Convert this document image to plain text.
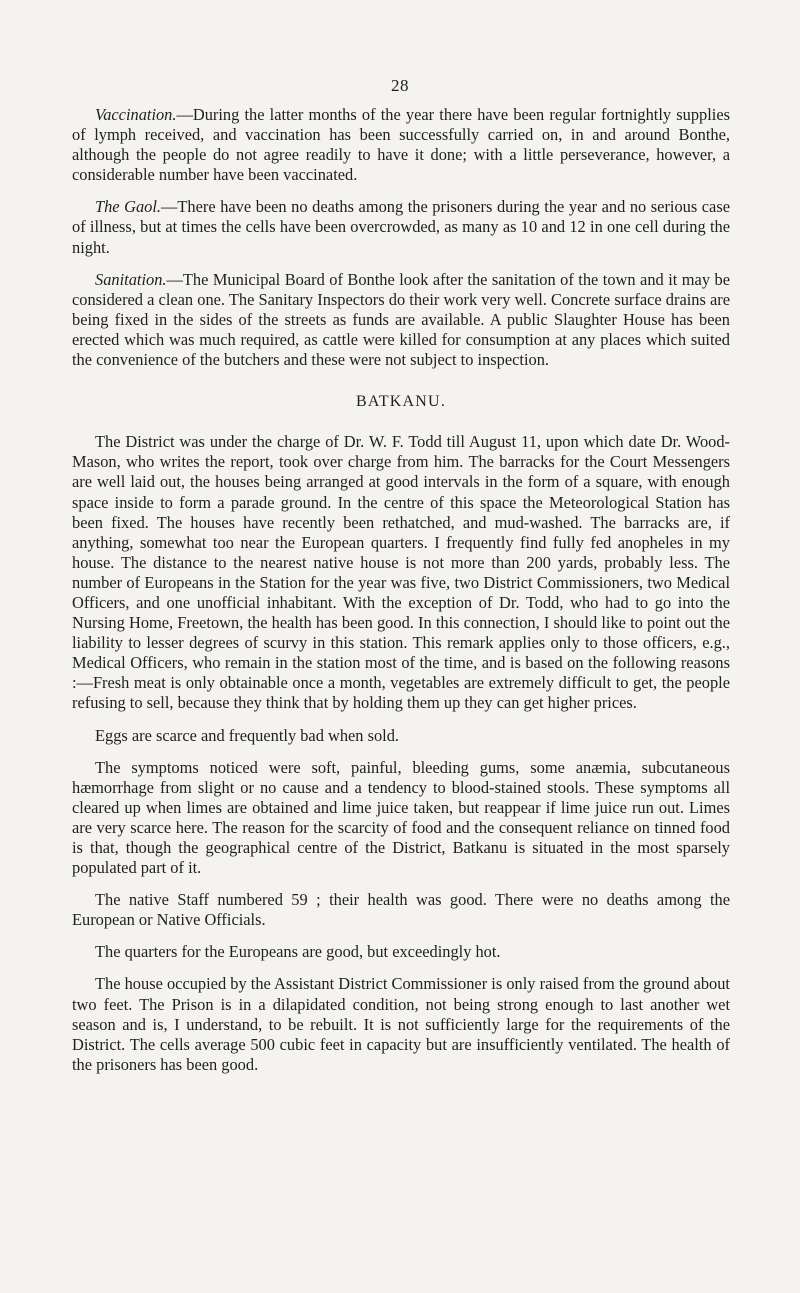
28

Vaccination.—During the latter months of the year there have been regular fortnightly supplies of lymph received, and vaccination has been successfully carried on, in and around Bonthe, although the people do not agree readily to have it done; with a little perseverance, however, a considerable number have been vaccinated.

The Gaol.—There have been no deaths among the prisoners during the year and no serious case of illness, but at times the cells have been overcrowded, as many as 10 and 12 in one cell during the night.

Sanitation.—The Municipal Board of Bonthe look after the sanitation of the town and it may be considered a clean one. The Sanitary Inspectors do their work very well. Concrete surface drains are being fixed in the sides of the streets as funds are available. A public Slaughter House has been erected which was much required, as cattle were killed for consumption at any places which suited the convenience of the butchers and these were not subject to inspection.

BATKANU.

The District was under the charge of Dr. W. F. Todd till August 11, upon which date Dr. Wood-Mason, who writes the report, took over charge from him. The barracks for the Court Messengers are well laid out, the houses being arranged at good intervals in the form of a square, with enough space inside to form a parade ground. In the centre of this space the Meteorological Station has been fixed. The houses have recently been rethatched, and mud-washed. The barracks are, if anything, somewhat too near the European quarters. I frequently find fully fed anopheles in my house. The distance to the nearest native house is not more than 200 yards, probably less. The number of Europeans in the Station for the year was five, two District Commissioners, two Medical Officers, and one unofficial inhabitant. With the exception of Dr. Todd, who had to go into the Nursing Home, Freetown, the health has been good. In this connection, I should like to point out the liability to lesser degrees of scurvy in this station. This remark applies only to those officers, e.g., Medical Officers, who remain in the station most of the time, and is based on the following reasons :—Fresh meat is only obtainable once a month, vegetables are extremely difficult to get, the people refusing to sell, because they think that by holding them up they can get higher prices.

Eggs are scarce and frequently bad when sold.

The symptoms noticed were soft, painful, bleeding gums, some anæmia, subcutaneous hæmorrhage from slight or no cause and a tendency to blood-stained stools. These symptoms all cleared up when limes are obtained and lime juice taken, but reappear if lime juice run out. Limes are very scarce here. The reason for the scarcity of food and the consequent reliance on tinned food is that, though the geographical centre of the District, Batkanu is situated in the most sparsely populated part of it.

The native Staff numbered 59 ; their health was good. There were no deaths among the European or Native Officials.

The quarters for the Europeans are good, but exceedingly hot.

The house occupied by the Assistant District Commissioner is only raised from the ground about two feet. The Prison is in a dilapidated condition, not being strong enough to last another wet season and is, I understand, to be rebuilt. It is not sufficiently large for the requirements of the District. The cells average 500 cubic feet in capacity but are insufficiently ventilated. The health of the prisoners has been good.
